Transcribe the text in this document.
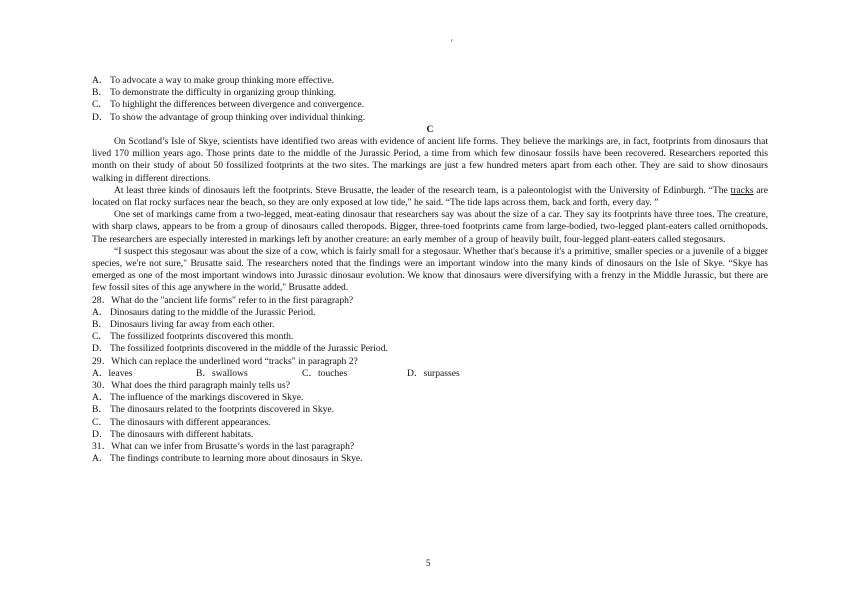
'
A．To advocate a way to make group thinking more effective.
B． To demonstrate the difficulty in organizing group thinking.
C． To highlight the differences between divergence and convergence.
D．To show the advantage of group thinking over individual thinking.
C
On Scotland’s Isle of Skye, scientists have identified two areas with evidence of ancient life forms. They believe the markings are, in fact, footprints from dinosaurs that lived 170 million years ago. Those prints date to the middle of the Jurassic Period, a time from which few dinosaur fossils have been recovered. Researchers reported this month on their study of about 50 fossilized footprints at the two sites. The markings are just a few hundred meters apart from each other. They are said to show dinosaurs walking in different directions.
At least three kinds of dinosaurs left the footprints. Steve Brusatte, the leader of the research team, is a paleontologist with the University of Edinburgh. “The tracks are located on flat rocky surfaces near the beach, so they are only exposed at low tide," he said. “The tide laps across them, back and forth, every day. ”
One set of markings came from a two-legged, meat-eating dinosaur that researchers say was about the size of a car. They say its footprints have three toes. The creature, with sharp claws, appears to be from a group of dinosaurs called theropods. Bigger, three-toed footprints came from large-bodied, two-legged plant-eaters called ornithopods. The researchers are especially interested in markings left by another creature: an early member of a group of heavily built, four-legged plant-eaters called stegosaurs.
“I suspect this stegosaur was about the size of a cow, which is fairly small for a stegosaur. Whether that's because it's a primitive, smaller species or a juvenile of a bigger species, we're not sure," Brusatte said. The researchers noted that the findings were an important window into the many kinds of dinosaurs on the Isle of Skye. “Skye has emerged as one of the most important windows into Jurassic dinosaur evolution. We know that dinosaurs were diversifying with a frenzy in the Middle Jurassic, but there are few fossil sites of this age anywhere in the world," Brusatte added.
28．What do the "ancient life forms" refer to in the first paragraph?
A．Dinosaurs dating to the middle of the Jurassic Period.
B． Dinosaurs living far away from each other.
C． The fossilized footprints discovered this month.
D．The fossilized footprints discovered in the middle of the Jurassic Period.
29．Which can replace the underlined word “tracks" in paragraph 2?
A．leaves	B．swallows	C．touches	D．surpasses
30．What does the third paragraph mainly tells us?
A．The influence of the markings discovered in Skye.
B． The dinosaurs related to the footprints discovered in Skye.
C． The dinosaurs with different appearances.
D．The dinosaurs with different habitats.
31．What can we infer from Brusatte’s words in the last paragraph?
A．The findings contribute to learning more about dinosaurs in Skye.
5
